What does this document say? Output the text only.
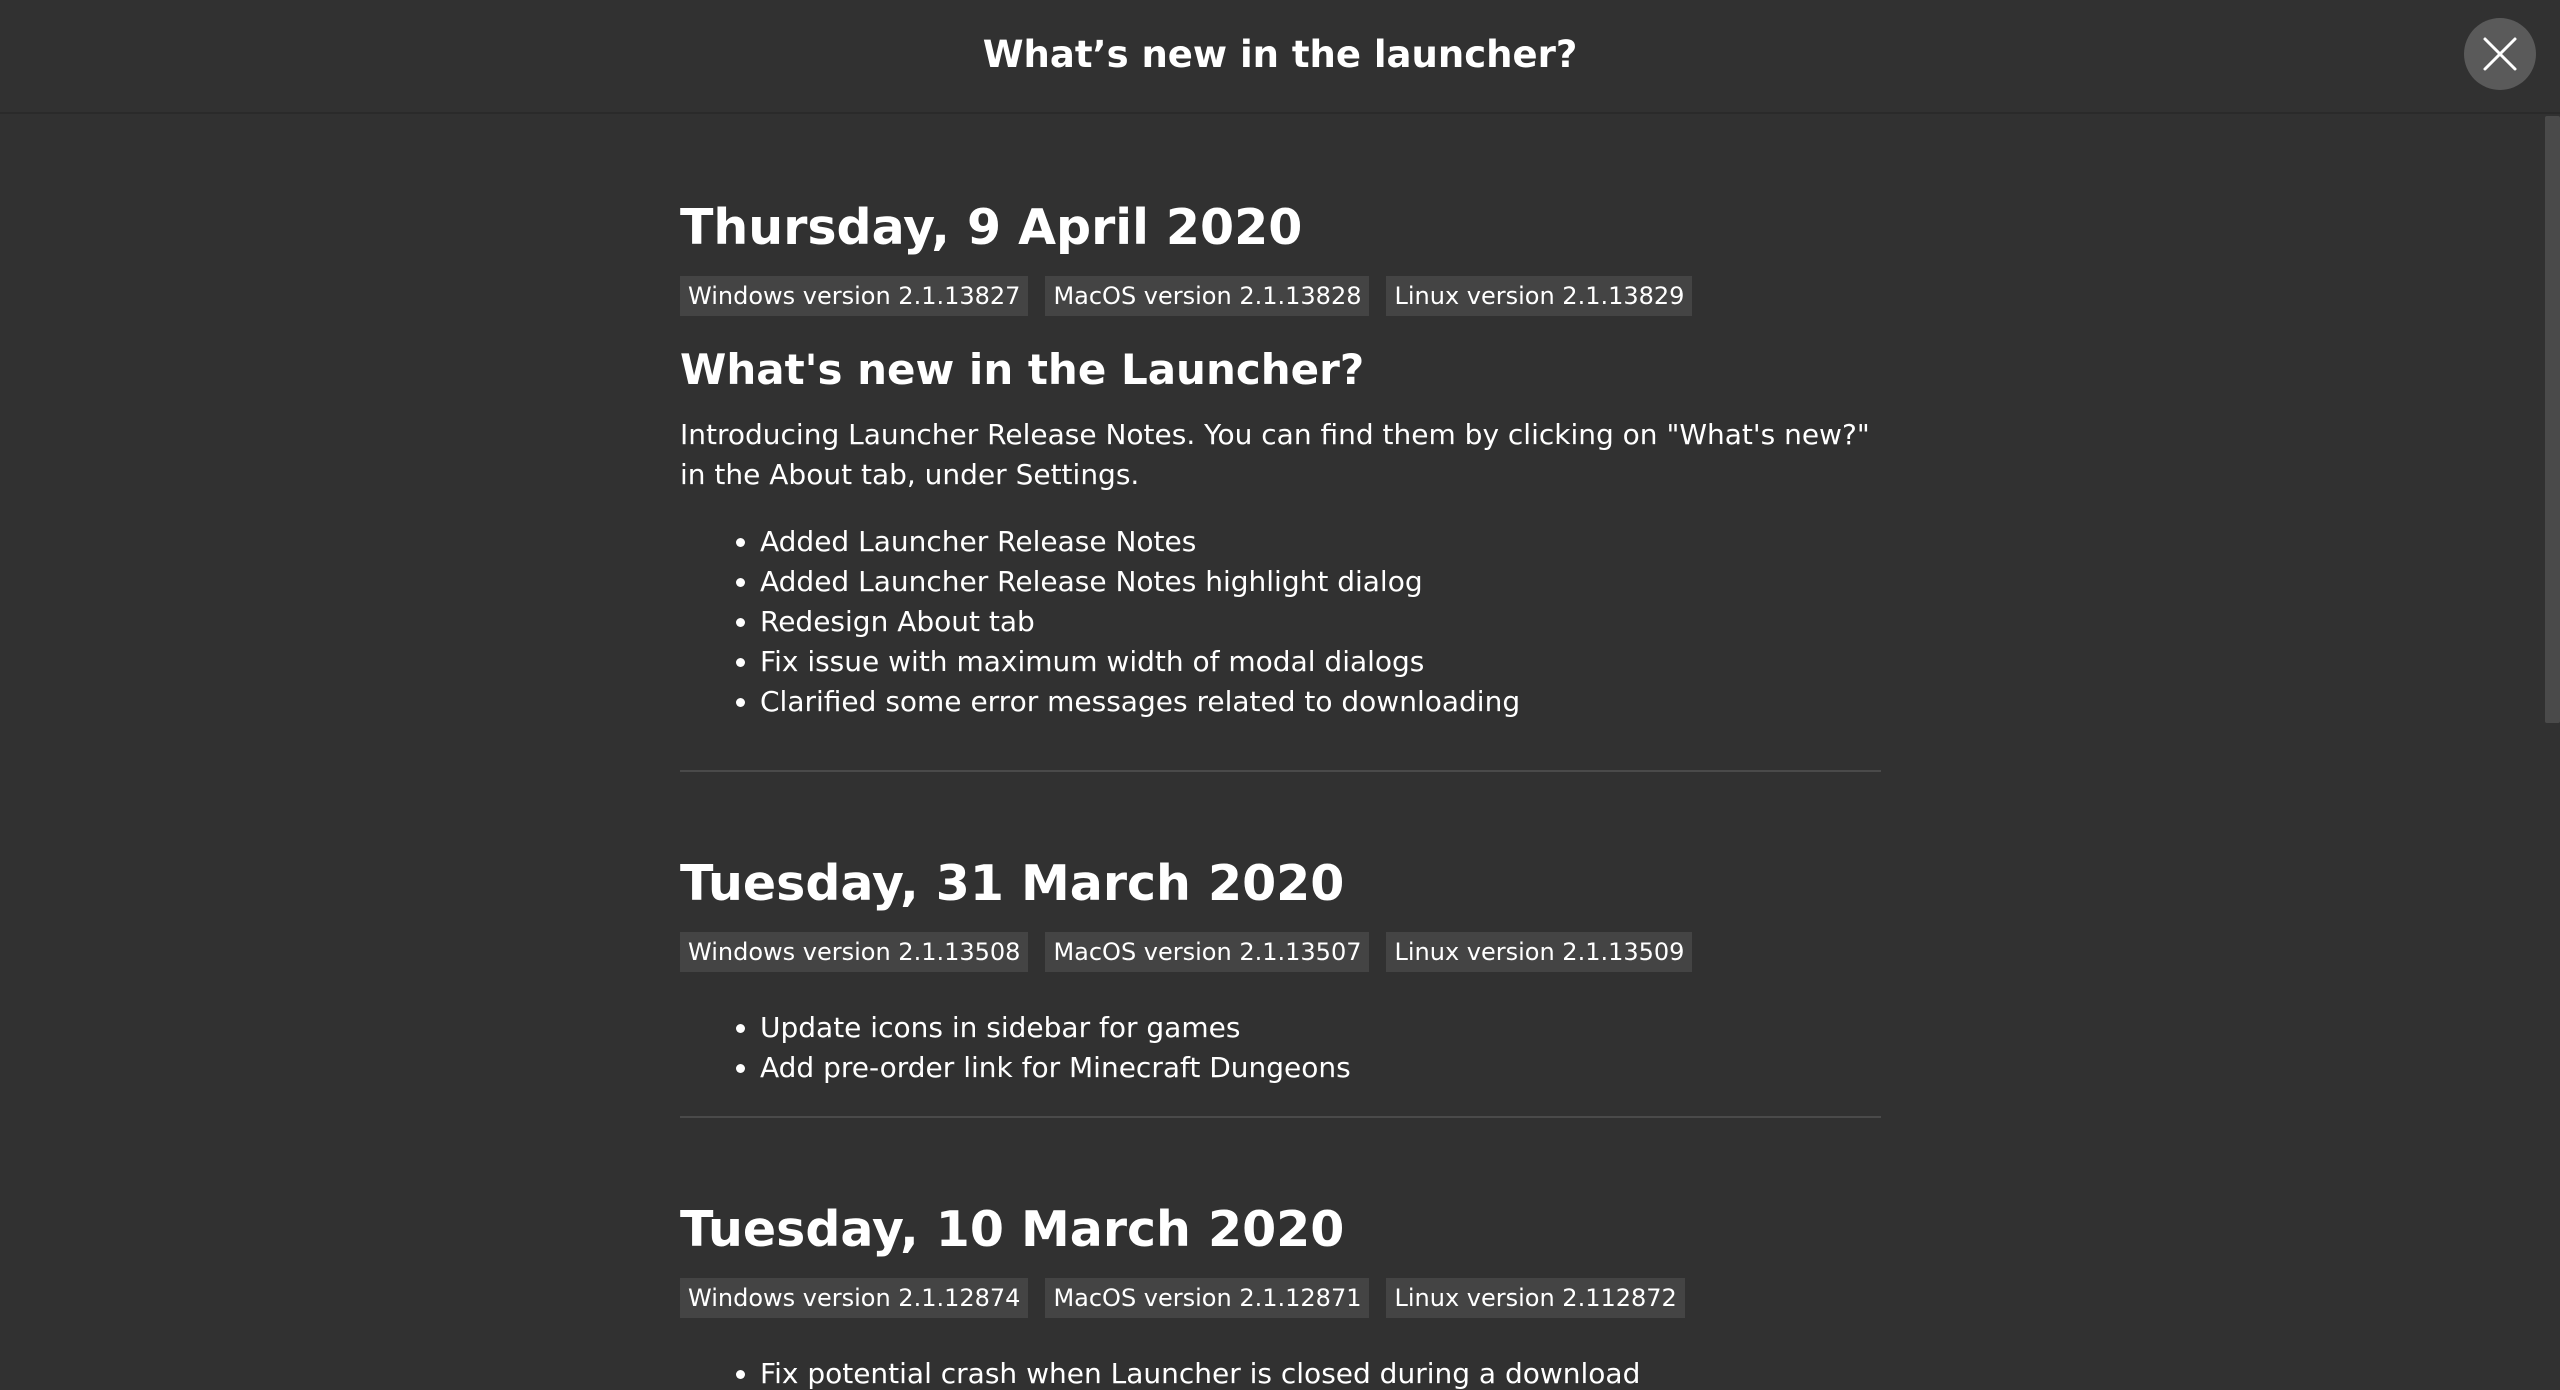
What’s new in the launcher?
Thursday, 9 April 2020
Windows version 2.1.13827	MacOS version 2.1.13828	Linux version 2.1.13829
What's new in the Launcher?

Introducing Launcher Release Notes. You can find them by clicking on "What's new?" in the About tab, under Settings.

• Added Launcher Release Notes
• Added Launcher Release Notes highlight dialog
• Redesign About tab
• Fix issue with maximum width of modal dialogs
• Clarified some error messages related to downloading
Tuesday, 31 March 2020
Windows version 2.1.13508	MacOS version 2.1.13507	Linux version 2.1.13509
• Update icons in sidebar for games
• Add pre-order link for Minecraft Dungeons
Tuesday, 10 March 2020
Windows version 2.1.12874	MacOS version 2.1.12871	Linux version 2.112872
• Fix potential crash when Launcher is closed during a download
